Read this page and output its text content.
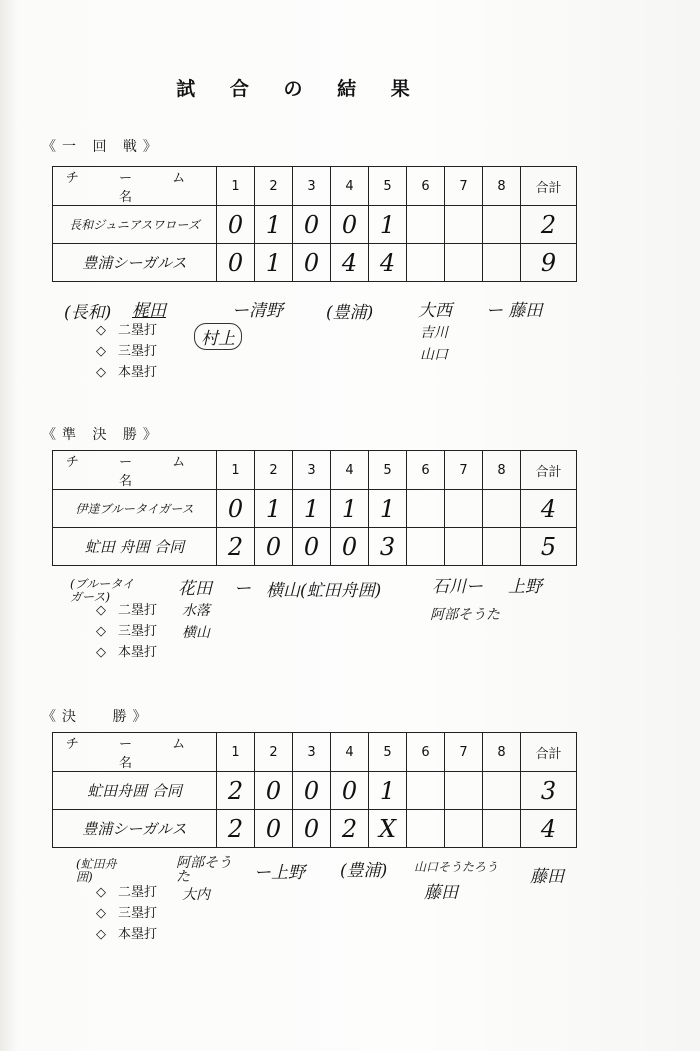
試 合 の 結 果
《一 回 戦》
チ ー ム 名	1	2	3	4	5	6	7	8	合計
長和ジュニアスワローズ	0	1	0	0	1				2
豊浦シーガルス	0	1	0	4	4				9
(長和) 梶田	ー清野
村上
(豊浦)	大西 ー 藤田
吉川
山口
◇ 二塁打
◇ 三塁打
◇ 本塁打
《準 決 勝》
チ ー ム 名	1	2	3	4	5	6	7	8	合計
伊達ブルータイガース	0	1	1	1	1				4
虻田 舟囲 合同	2	0	0	0	3				5
(ブルータイガース)	花田 ー 横山(虻田舟囲)	石川ー 上野
阿部そうた
水落
横山
◇ 二塁打
◇ 三塁打
◇ 本塁打
《決　 勝》
チ ー ム 名	1	2	3	4	5	6	7	8	合計
虻田舟囲 合同	2	0	0	0	1				3
豊浦シーガルス	2	0	0	2	X				4
(虻田舟囲)
阿部そうた	ー上野 (豊浦) 山口そうたろう
藤田
藤田
大内
◇ 二塁打
◇ 三塁打
◇ 本塁打
